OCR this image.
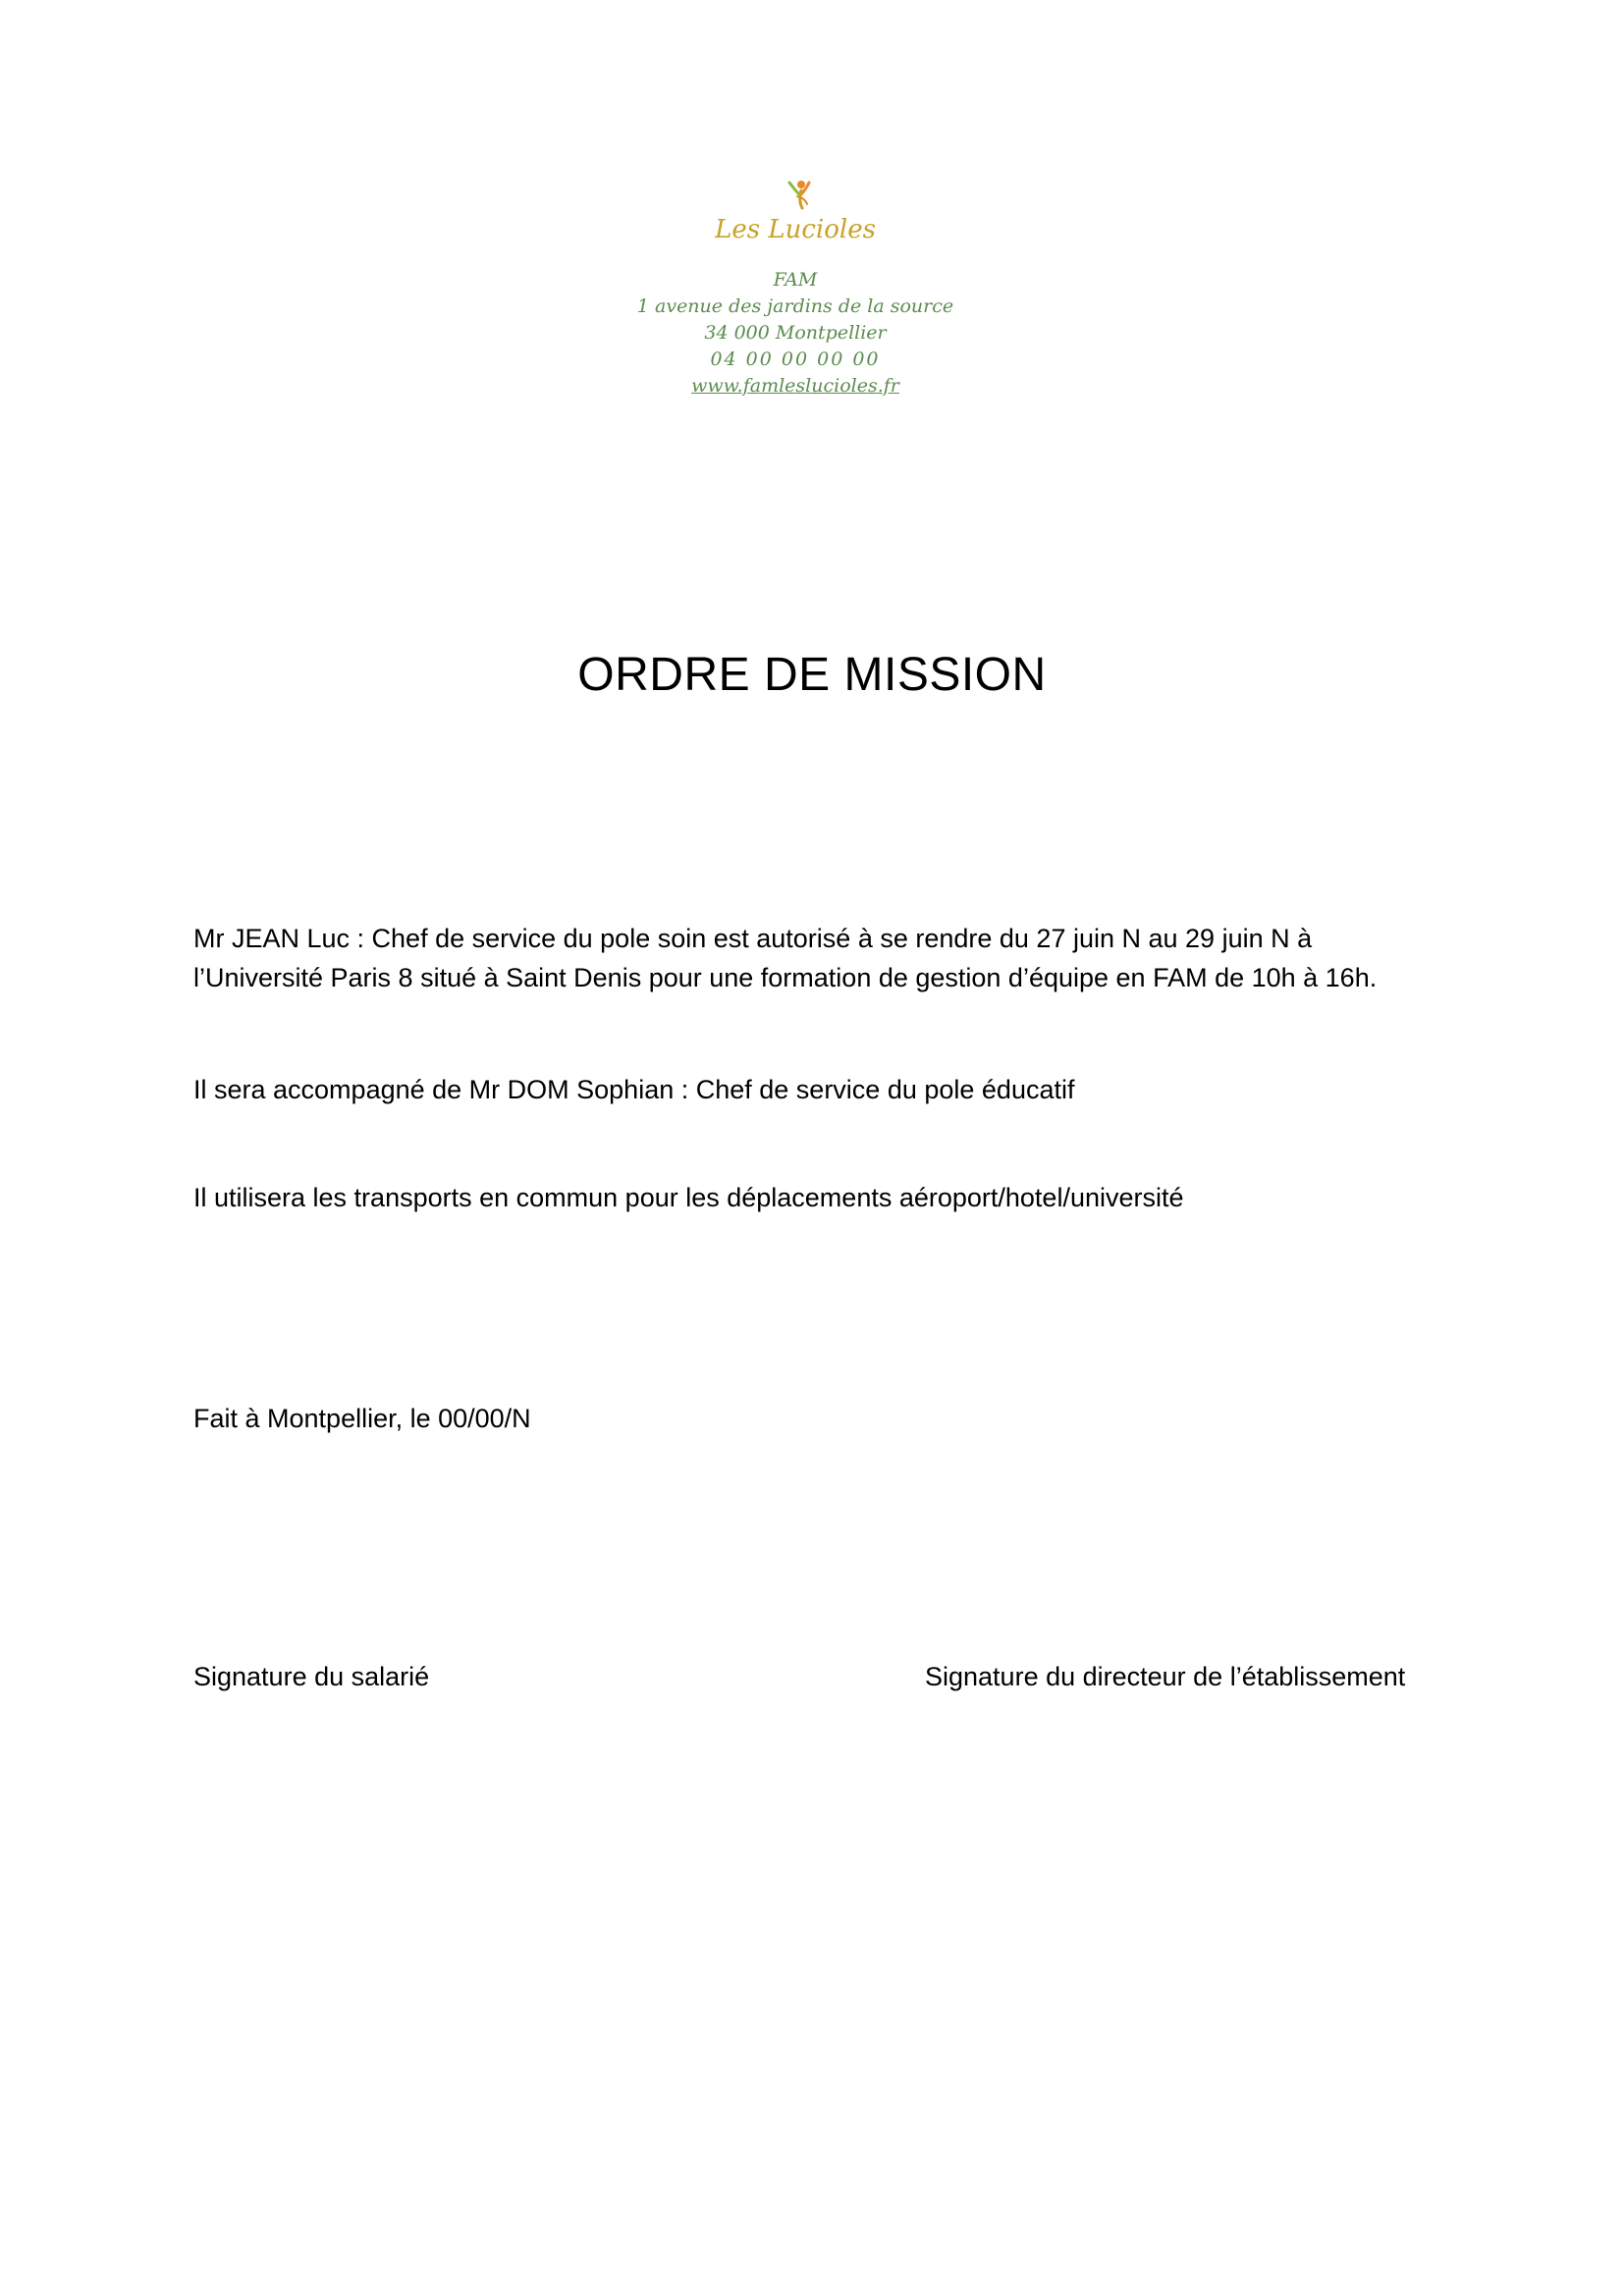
Les Lucioles
FAM
1 avenue des jardins de la source
34 000 Montpellier
04 00 00 00 00
www.famleslucioles.fr
ORDRE DE MISSION
Mr JEAN Luc : Chef de service du pole soin est autorisé à se rendre du 27 juin N au 29 juin N à
l’Université Paris 8 situé à Saint Denis pour une formation de gestion d’équipe en FAM de 10h à 16h.
Il sera accompagné de Mr DOM Sophian : Chef de service du pole éducatif
Il utilisera les transports en commun pour les déplacements aéroport/hotel/université
Fait à Montpellier, le 00/00/N
Signature du salarié	Signature du directeur de l’établissement
